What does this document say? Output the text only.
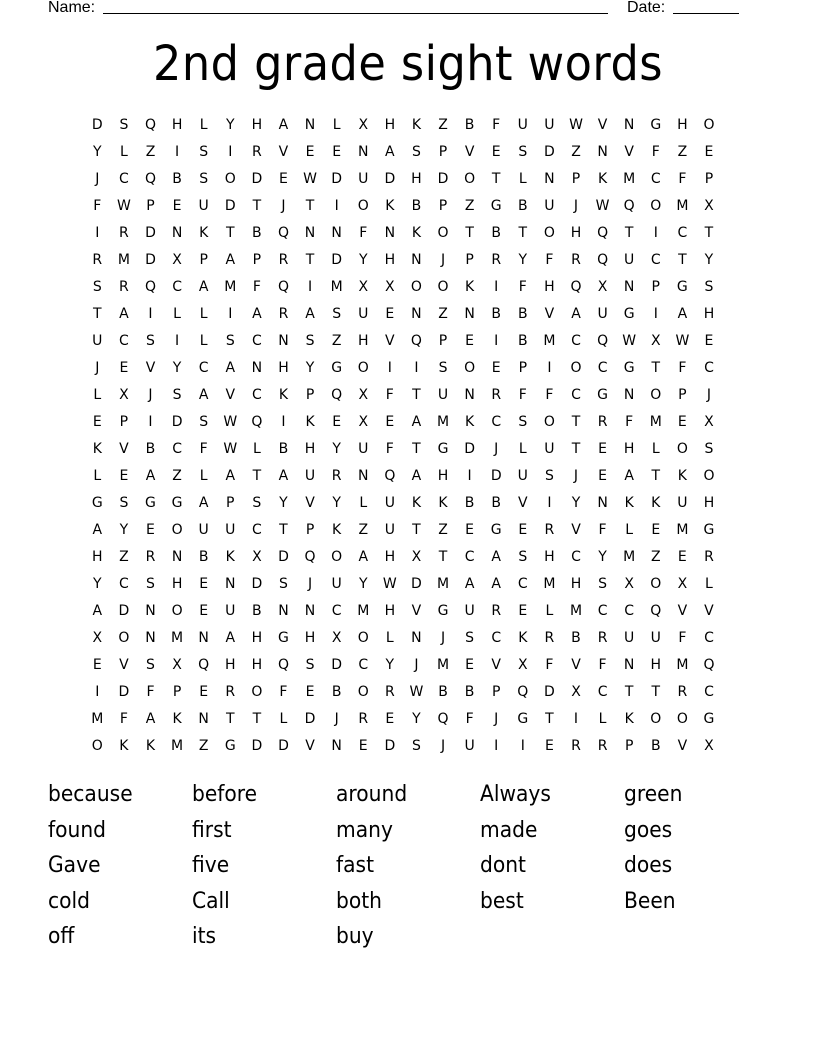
Name:	Date:
2nd grade sight words
D	S	Q	H	L	Y	H	A	N	L	X	H	K	Z	B	F	U	U	W	V	N	G	H	O
Y	L	Z	I	S	I	R	V	E	E	N	A	S	P	V	E	S	D	Z	N	V	F	Z	E
J	C	Q	B	S	O	D	E	W	D	U	D	H	D	O	T	L	N	P	K	M	C	F	P
F	W	P	E	U	D	T	J	T	I	O	K	B	P	Z	G	B	U	J	W	Q	O	M	X
I	R	D	N	K	T	B	Q	N	N	F	N	K	O	T	B	T	O	H	Q	T	I	C	T
R	M	D	X	P	A	P	R	T	D	Y	H	N	J	P	R	Y	F	R	Q	U	C	T	Y
S	R	Q	C	A	M	F	Q	I	M	X	X	O	O	K	I	F	H	Q	X	N	P	G	S
T	A	I	L	L	I	A	R	A	S	U	E	N	Z	N	B	B	V	A	U	G	I	A	H
U	C	S	I	L	S	C	N	S	Z	H	V	Q	P	E	I	B	M	C	Q	W	X	W	E
J	E	V	Y	C	A	N	H	Y	G	O	I	I	S	O	E	P	I	O	C	G	T	F	C
L	X	J	S	A	V	C	K	P	Q	X	F	T	U	N	R	F	F	C	G	N	O	P	J
E	P	I	D	S	W	Q	I	K	E	X	E	A	M	K	C	S	O	T	R	F	M	E	X
K	V	B	C	F	W	L	B	H	Y	U	F	T	G	D	J	L	U	T	E	H	L	O	S
L	E	A	Z	L	A	T	A	U	R	N	Q	A	H	I	D	U	S	J	E	A	T	K	O
G	S	G	G	A	P	S	Y	V	Y	L	U	K	K	B	B	V	I	Y	N	K	K	U	H
A	Y	E	O	U	U	C	T	P	K	Z	U	T	Z	E	G	E	R	V	F	L	E	M	G
H	Z	R	N	B	K	X	D	Q	O	A	H	X	T	C	A	S	H	C	Y	M	Z	E	R
Y	C	S	H	E	N	D	S	J	U	Y	W	D	M	A	A	C	M	H	S	X	O	X	L
A	D	N	O	E	U	B	N	N	C	M	H	V	G	U	R	E	L	M	C	C	Q	V	V
X	O	N	M	N	A	H	G	H	X	O	L	N	J	S	C	K	R	B	R	U	U	F	C
E	V	S	X	Q	H	H	Q	S	D	C	Y	J	M	E	V	X	F	V	F	N	H	M	Q
I	D	F	P	E	R	O	F	E	B	O	R	W	B	B	P	Q	D	X	C	T	T	R	C
M	F	A	K	N	T	T	L	D	J	R	E	Y	Q	F	J	G	T	I	L	K	O	O	G
O	K	K	M	Z	G	D	D	V	N	E	D	S	J	U	I	I	E	R	R	P	B	V	X
because	before	around	Always	green
found	first	many	made	goes
Gave	five	fast	dont	does
cold	Call	both	best	Been
off	its	buy
